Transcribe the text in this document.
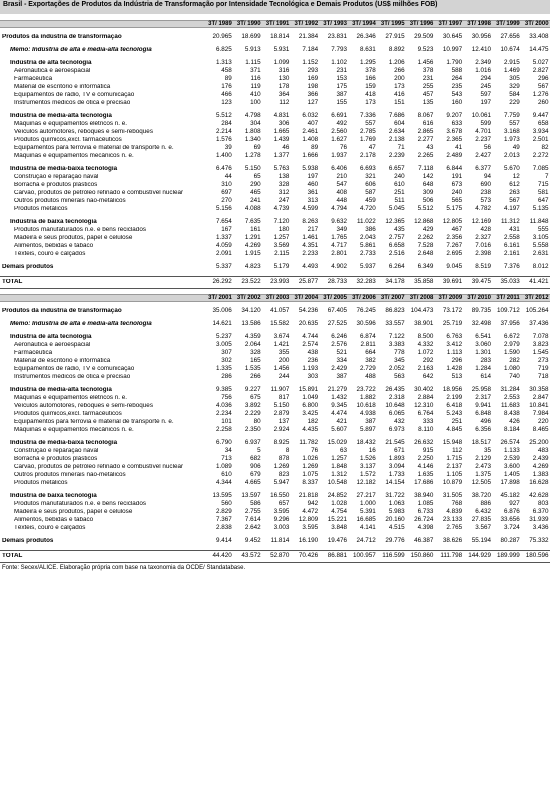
Brasil - Exportações de Produtos da Indústria de Transformação por Intensidade Tecnológica e Demais Produtos (US$ milhões FOB)
3T/ 1989 3T/ 1990 3T/ 1991 3T/ 1992 3T/ 1993 3T/ 1994 3T/ 1995 3T/ 1996 3T/ 1997 3T/ 1998 3T/ 1999 3T/ 2000
Produtos da indústria de transformação	20.965	18.699	18.814	21.384	23.831	26.346	27.915	29.509	30.645	30.956	27.656	33.408
Memo: Indústria de alta e média-alta tecnologia	6.825	5.913	5.931	7.184	7.793	8.631	8.892	9.523	10.997	12.410	10.674	14.475
Indústria de alta tecnologia	1.313	1.115	1.099	1.152	1.102	1.295	1.206	1.456	1.790	2.349	2.915	5.027
Aeronáutica e aeroespacial	458	371	316	293	231	378	266	378	588	1.016	1.469	2.827
Farmacêutica	89	116	130	169	153	166	200	231	264	294	305	296
Material de escritório e informática	176	119	178	198	175	159	173	255	235	245	329	567
Equipamentos de rádio, TV e comunicação	466	410	364	366	387	418	416	457	543	597	584	1.276
Instrumentos médicos de ótica e precisão	123	100	112	127	155	173	151	135	160	197	229	260
Indústria de média-alta tecnologia	5.512	4.798	4.831	6.032	6.691	7.336	7.686	8.067	9.207	10.061	7.759	9.447
Máquinas e equipamentos elétricos n. e.	284	304	306	407	492	557	604	616	633	599	557	658
Veículos automotores, reboques e semi-reboques	2.214	1.808	1.665	2.461	2.560	2.785	2.634	2.865	3.678	4.701	3.168	3.934
Produtos químicos,excl. farmacêuticos	1.576	1.340	1.439	1.408	1.627	1.769	2.138	2.277	2.365	2.237	1.973	2.501
Equipamentos para ferrovia e material de transporte n. e.	39	69	46	89	76	47	71	43	41	56	49	82
Máquinas e equipamentos mecânicos n. e.	1.400	1.278	1.377	1.666	1.937	2.178	2.239	2.265	2.489	2.427	2.013	2.272
Indústria de média-baixa tecnologia	6.476	5.150	5.763	5.938	6.406	6.693	6.657	7.118	6.844	6.377	5.670	7.085
Construção e reparação naval	44	65	138	197	210	321	240	142	191	94	12	7
Borracha e produtos plásticos	310	290	328	460	547	606	610	648	673	690	612	715
Carvão, produtos de petróleo refinado e combustível nuclear	697	465	312	361	408	587	251	309	240	238	263	581
Outros produtos minerais não-metálicos	270	241	247	313	448	459	511	506	565	573	567	647
Produtos metálicos	5.156	4.088	4.739	4.599	4.794	4.720	5.045	5.512	5.175	4.782	4.197	5.135
Indústria de baixa tecnologia	7.654	7.635	7.120	8.263	9.632	11.022	12.365	12.868	12.805	12.169	11.312	11.848
Produtos manufaturados n.e. e bens reciclados	167	161	180	217	349	386	435	429	467	428	431	555
Madeira e seus produtos, papel e celulose	1.337	1.291	1.257	1.461	1.765	2.043	2.757	2.262	2.356	2.327	2.558	3.105
Alimentos, bebidas e tabaco	4.059	4.269	3.569	4.351	4.717	5.861	6.658	7.528	7.267	7.016	6.161	5.558
Têxteis, couro e calçados	2.091	1.915	2.115	2.233	2.801	2.733	2.516	2.648	2.695	2.398	2.161	2.631
Demais produtos	5.337	4.823	5.179	4.493	4.902	5.937	6.264	6.349	9.045	8.519	7.376	8.012
TOTAL	26.292	23.522	23.993	25.877	28.733	32.283	34.178	35.858	39.691	39.475	35.033	41.421
3T/ 2001 3T/ 2002 3T/ 2003 3T/ 2004 3T/ 2005 3T/ 2006 3T/ 2007 3T/ 2008 3T/ 2009 3T/ 2010 3T/ 2011 3T/ 2012
Produtos da indústria de transformação	35.006	34.120	41.057	54.236	67.405	76.245	86.823 104.473	73.172	89.735 109.712 105.264
Memo: Indústria de alta e média-alta tecnologia	14.621	13.586	15.582	20.635	27.525	30.596	33.557	38.901	25.719	32.498	37.956	37.436
Indústria de alta tecnologia	5.237	4.359	3.674	4.744	6.246	6.874	7.122	8.500	6.763	6.541	6.672	7.078
Aeronáutica e aeroespacial	3.005	2.064	1.421	2.574	2.576	2.811	3.383	4.332	3.412	3.060	2.979	3.823
Farmacêutica	307	328	355	438	521	664	778	1.072	1.113	1.301	1.590	1.545
Material de escritório e informática	302	165	200	236	334	382	345	292	296	283	282	273
Equipamentos de rádio, TV e comunicação	1.335	1.535	1.456	1.193	2.429	2.729	2.052	2.163	1.428	1.284	1.080	719
Instrumentos médicos de ótica e precisão	286	266	244	303	387	488	563	642	513	614	740	718
Indústria de média-alta tecnologia	9.385	9.227	11.907	15.891	21.279	23.722	26.435	30.402	18.956	25.958	31.284	30.358
Máquinas e equipamentos elétricos n. e.	756	675	817	1.049	1.432	1.882	2.318	2.884	2.199	2.317	2.553	2.847
Veículos automotores, reboques e semi-reboques	4.036	3.892	5.150	6.800	9.345	10.618	10.648	12.310	6.418	9.941	11.683	10.841
Produtos químicos,excl. farmacêuticos	2.234	2.229	2.879	3.425	4.474	4.938	6.065	6.764	5.243	6.848	8.438	7.984
Equipamentos para ferrovia e material de transporte n. e.	101	80	137	182	421	387	432	333	251	496	426	220
Máquinas e equipamentos mecânicos n. e.	2.258	2.350	2.924	4.435	5.607	5.897	6.973	8.110	4.845	6.356	8.184	8.465
Indústria de média-baixa tecnologia	6.790	6.937	8.925	11.782	15.029	18.432	21.545	26.632	15.948	18.517	26.574	25.200
Construção e reparação naval	34	5	8	76	63	16	671	915	112	35	1.133	483
Borracha e produtos plásticos	713	682	878	1.026	1.257	1.526	1.893	2.250	1.715	2.129	2.539	2.439
Carvão, produtos de petróleo refinado e combustível nuclear	1.089	906	1.269	1.269	1.848	3.137	3.094	4.146	2.137	2.473	3.600	4.269
Outros produtos minerais não-metálicos	610	679	823	1.075	1.312	1.572	1.733	1.635	1.105	1.375	1.405	1.383
Produtos metálicos	4.344	4.665	5.947	8.337	10.548	12.182	14.154	17.686	10.879	12.505	17.898	16.628
Indústria de baixa tecnologia	13.595	13.597	16.550	21.818	24.852	27.217	31.722	38.940	31.505	38.720	45.182	42.628
Produtos manufaturados n.e. e bens reciclados	560	586	657	942	1.028	1.000	1.063	1.085	768	886	927	803
Madeira e seus produtos, papel e celulose	2.829	2.755	3.595	4.472	4.754	5.391	5.983	6.733	4.839	6.432	6.876	6.370
Alimentos, bebidas e tabaco	7.367	7.614	9.296	12.809	15.221	16.685	20.160	26.724	23.133	27.835	33.656	31.939
Têxteis, couro e calçados	2.838	2.642	3.003	3.595	3.848	4.141	4.515	4.398	2.765	3.567	3.724	3.436
Demais produtos	9.414	9.452	11.814	16.190	19.476	24.712	29.776	46.387	38.626	55.194	80.287	75.332
TOTAL	44.420	43.572	52.870	70.426	86.881 100.957	116.599 150.860	111.798 144.929 189.999 180.596
Fonte: Secex/ALICE. Elaboração própria com base na taxonomia da OCDE/ Standatabase.
